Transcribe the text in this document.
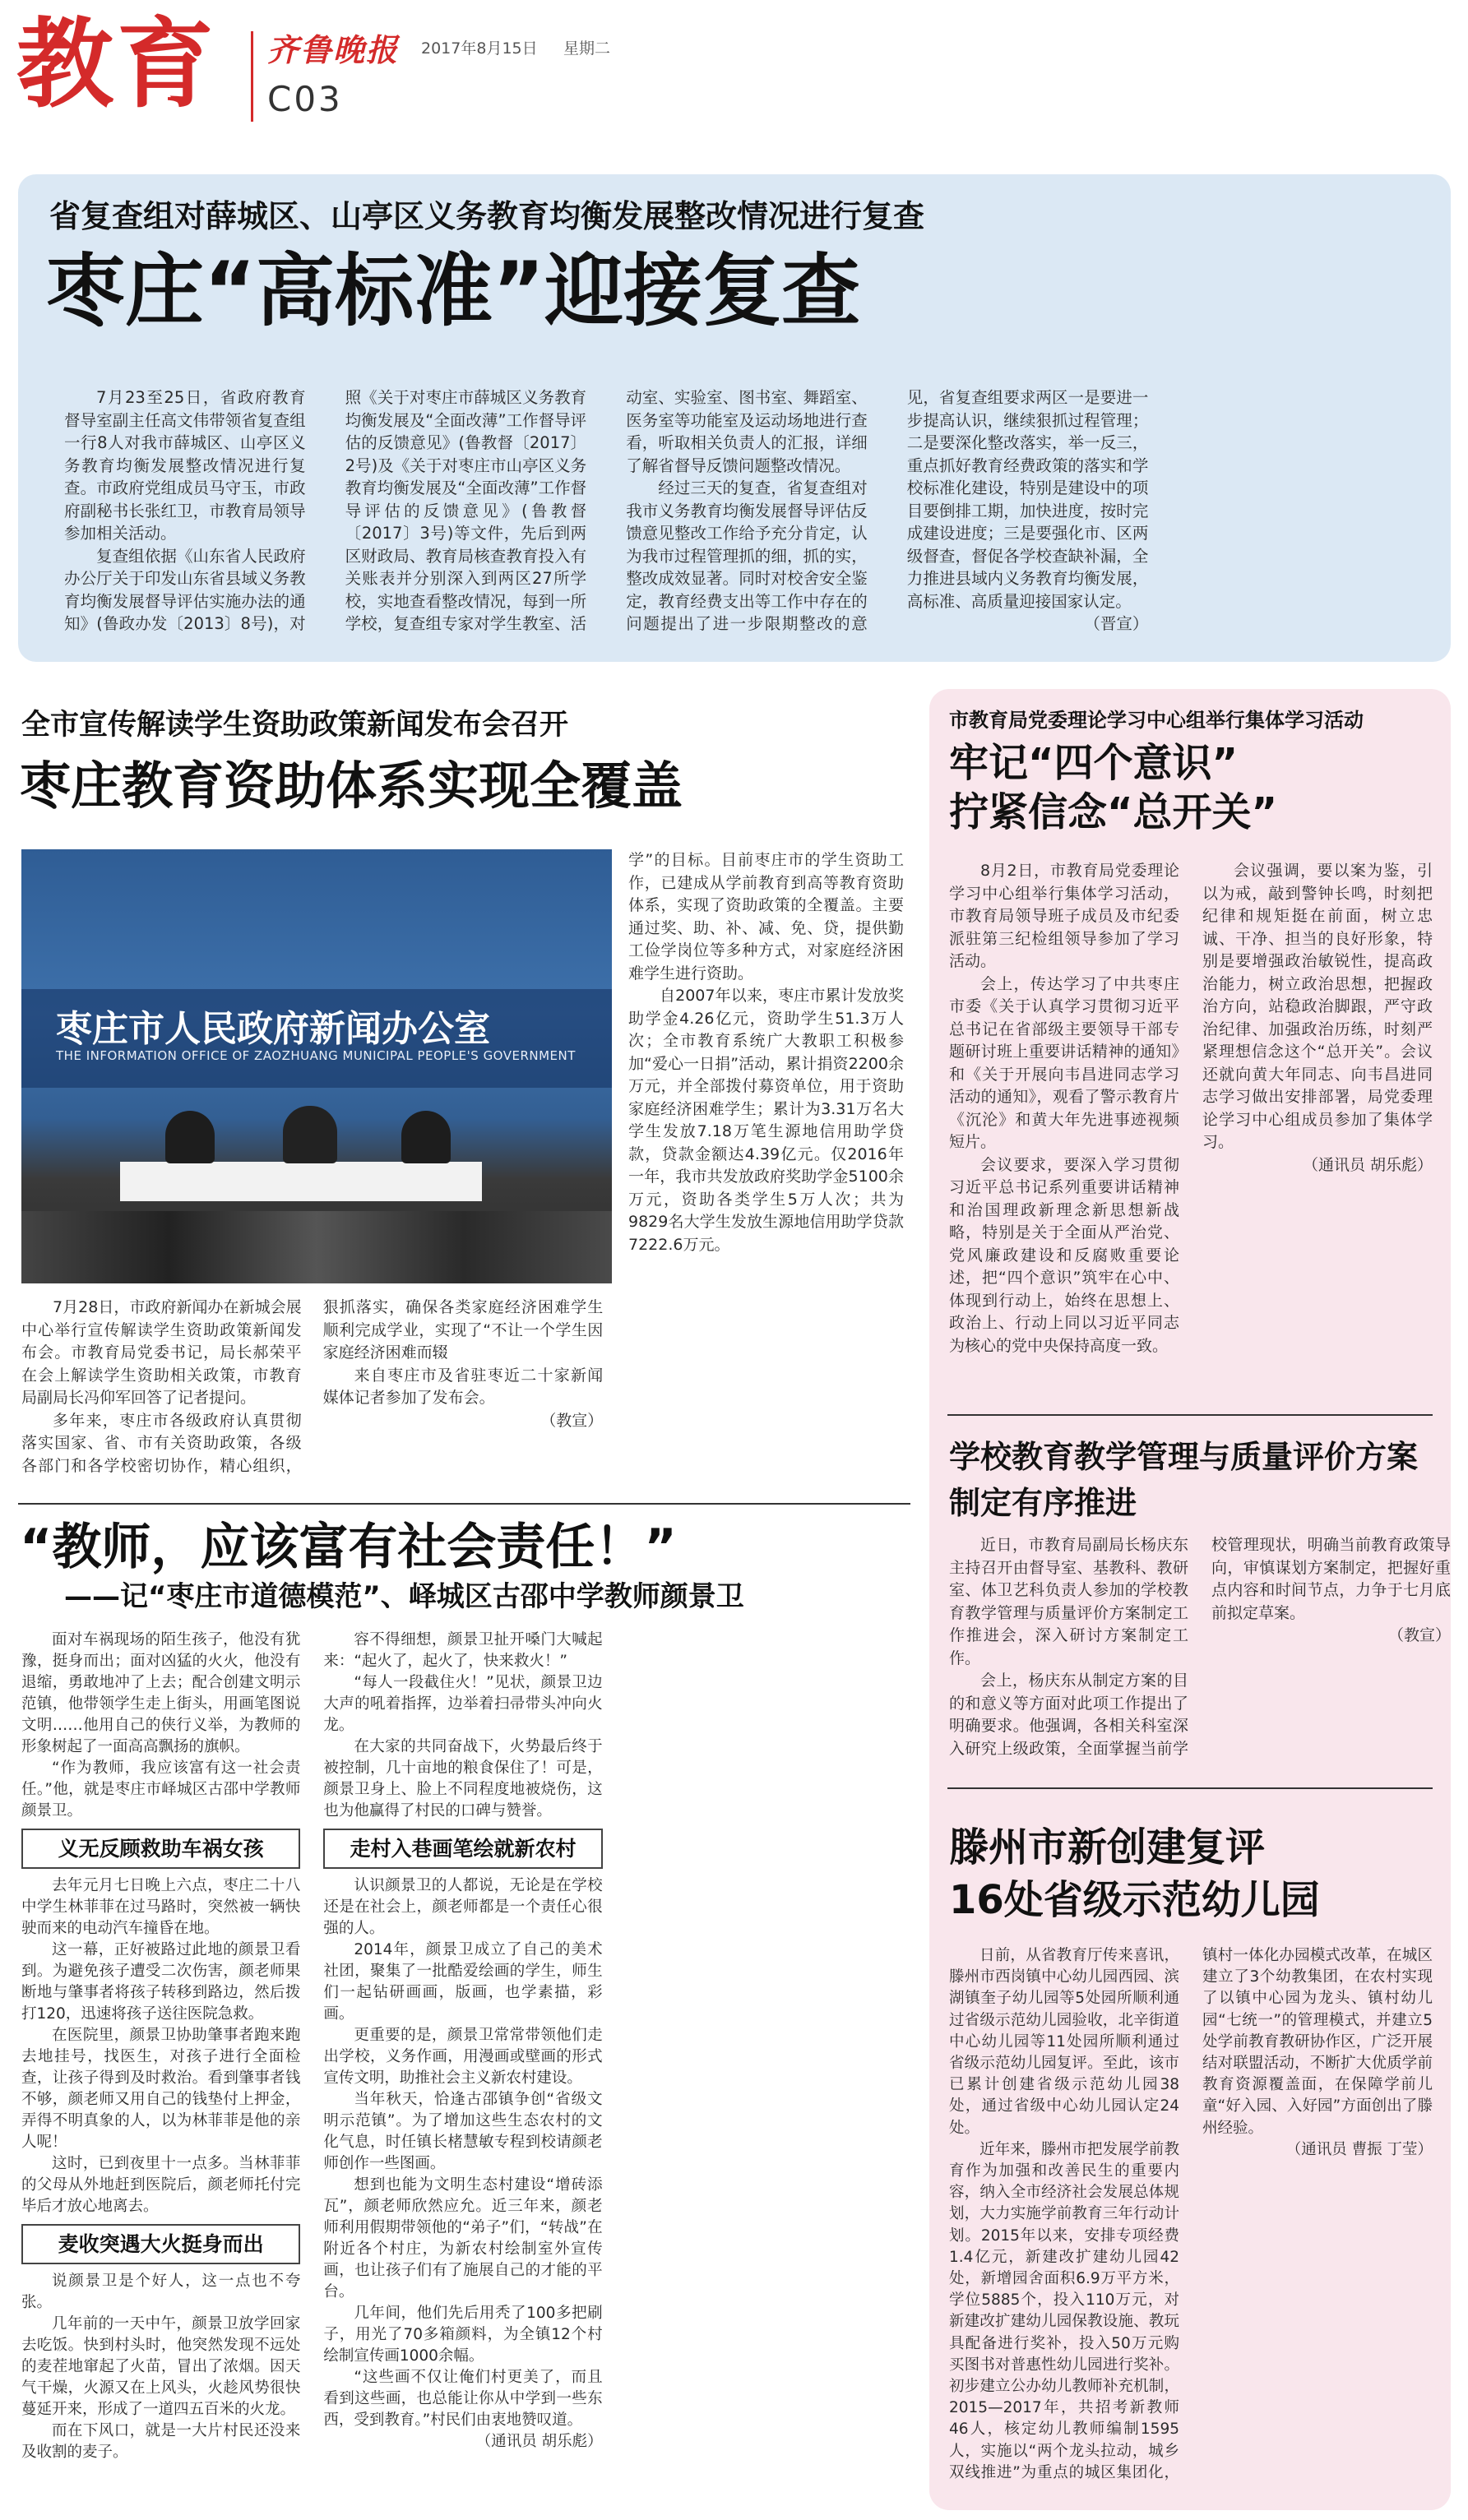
教育 齐鲁晚报 2017年8月15日 星期二
C03
省复查组对薛城区、山亭区义务教育均衡发展整改情况进行复查
枣庄“高标准”迎接复查

7月23至25日，省政府教育督导室副主任高文伟带领省复查组一行8人对我市薛城区、山亭区义务教育均衡发展整改情况进行复查。市政府党组成员马守玉，市政府副秘书长张红卫，市教育局领导参加相关活动。

复查组依据《山东省人民政府办公厅关于印发山东省县域义务教育均衡发展督导评估实施办法的通知》(鲁政办发〔2013〕8号)，对照《关于对枣庄市薛城区义务教育均衡发展及“全面改薄”工作督导评估的反馈意见》(鲁教督〔2017〕2号)及《关于对枣庄市山亭区义务教育均衡发展及“全面改薄”工作督导评估的反馈意见》(鲁教督〔2017〕3号)等文件，先后到两区财政局、教育局核查教育投入有关账表并分别深入到两区27所学校，实地查看整改情况，每到一所学校，复查组专家对学生教室、活动室、实验室、图书室、舞蹈室、医务室等功能室及运动场地进行查看，听取相关负责人的汇报，详细了解省督导反馈问题整改情况。

经过三天的复查，省复查组对我市义务教育均衡发展督导评估反馈意见整改工作给予充分肯定，认为我市过程管理抓的细，抓的实，整改成效显著。同时对校舍安全鉴定，教育经费支出等工作中存在的问题提出了进一步限期整改的意见，省复查组要求两区一是要进一步提高认识，继续狠抓过程管理；二是要深化整改落实，举一反三，重点抓好教育经费政策的落实和学校标准化建设，特别是建设中的项目要倒排工期，加快进度，按时完成建设进度；三是要强化市、区两级督查，督促各学校查缺补漏，全力推进县域内义务教育均衡发展，高标准、高质量迎接国家认定。

（晋宣）

全市宣传解读学生资助政策新闻发布会召开
枣庄教育资助体系实现全覆盖
枣庄市人民政府新闻办公室
THE INFORMATION OFFICE OF ZAOZHUANG MUNICIPAL PEOPLE'S GOVERNMENT

学”的目标。目前枣庄市的学生资助工作，已建成从学前教育到高等教育资助体系，实现了资助政策的全覆盖。主要通过奖、助、补、减、免、贷，提供勤工俭学岗位等多种方式，对家庭经济困难学生进行资助。

自2007年以来，枣庄市累计发放奖助学金4.26亿元，资助学生51.3万人次；全市教育系统广大教职工积极参加“爱心一日捐”活动，累计捐资2200余万元，并全部拨付募资单位，用于资助家庭经济困难学生；累计为3.31万名大学生发放7.18万笔生源地信用助学贷款，贷款金额达4.39亿元。仅2016年一年，我市共发放政府奖助学金5100余万元，资助各类学生5万人次；共为9829名大学生发放生源地信用助学贷款7222.6万元。

7月28日，市政府新闻办在新城会展中心举行宣传解读学生资助政策新闻发布会。市教育局党委书记，局长郝荣平在会上解读学生资助相关政策，市教育局副局长冯仰军回答了记者提问。

多年来，枣庄市各级政府认真贯彻落实国家、省、市有关资助政策，各级各部门和各学校密切协作，精心组织，狠抓落实，确保各类家庭经济困难学生顺利完成学业，实现了“不让一个学生因家庭经济困难而辍

来自枣庄市及省驻枣近二十家新闻媒体记者参加了发布会。

（教宣）

“教师，应该富有社会责任！”
——记“枣庄市道德模范”、峄城区古邵中学教师颜景卫

面对车祸现场的陌生孩子，他没有犹豫，挺身而出；面对凶猛的火火，他没有退缩，勇敢地冲了上去；配合创建文明示范镇，他带领学生走上街头，用画笔图说文明……他用自己的侠行义举，为教师的形象树起了一面高高飘扬的旗帜。

“作为教师，我应该富有这一社会责任。”他，就是枣庄市峄城区古邵中学教师颜景卫。

义无反顾救助车祸女孩

去年元月七日晚上六点，枣庄二十八中学生林菲菲在过马路时，突然被一辆快驶而来的电动汽车撞昏在地。

这一幕，正好被路过此地的颜景卫看到。为避免孩子遭受二次伤害，颜老师果断地与肇事者将孩子转移到路边，然后拨打120，迅速将孩子送往医院急救。

在医院里，颜景卫协助肇事者跑来跑去地挂号，找医生，对孩子进行全面检查，让孩子得到及时救治。看到肇事者钱不够，颜老师又用自己的钱垫付上押金，弄得不明真象的人，以为林菲菲是他的亲人呢！

这时，已到夜里十一点多。当林菲菲的父母从外地赶到医院后，颜老师托付完毕后才放心地离去。

麦收突遇大火挺身而出

说颜景卫是个好人，这一点也不夸张。

几年前的一天中午，颜景卫放学回家去吃饭。快到村头时，他突然发现不远处的麦茬地窜起了火苗，冒出了浓烟。因天气干燥，火源又在上风头，火趁风势很快蔓延开来，形成了一道四五百米的火龙。

而在下风口，就是一大片村民还没来及收割的麦子。

容不得细想，颜景卫扯开嗓门大喊起来：“起火了，起火了，快来救火！”

“每人一段截住火！”见状，颜景卫边大声的吼着指挥，边举着扫帚带头冲向火龙。

在大家的共同奋战下，火势最后终于被控制，几十亩地的粮食保住了！可是，颜景卫身上、脸上不同程度地被烧伤，这也为他赢得了村民的口碑与赞誉。

走村入巷画笔绘就新农村

认识颜景卫的人都说，无论是在学校还是在社会上，颜老师都是一个责任心很强的人。

2014年，颜景卫成立了自己的美术社团，聚集了一批酷爱绘画的学生，师生们一起钻研画画，版画，也学素描，彩画。

更重要的是，颜景卫常常带领他们走出学校，义务作画，用漫画或壁画的形式宣传文明，助推社会主义新农村建设。

当年秋天，恰逢古邵镇争创“省级文明示范镇”。为了增加这些生态农村的文化气息，时任镇长楮慧敏专程到校请颜老师创作一些图画。

想到也能为文明生态村建设“增砖添瓦”，颜老师欣然应允。近三年来，颜老师利用假期带领他的“弟子”们，“转战”在附近各个村庄，为新农村绘制室外宣传画，也让孩子们有了施展自己的才能的平台。

几年间，他们先后用秃了100多把刷子，用光了70多箱颜料，为全镇12个村绘制宣传画1000余幅。

“这些画不仅让俺们村更美了，而且看到这些画，也总能让你从中学到一些东西，受到教育。”村民们由衷地赞叹道。

（通讯员 胡乐彪）

市教育局党委理论学习中心组举行集体学习活动
牢记“四个意识”
拧紧信念“总开关”

8月2日，市教育局党委理论学习中心组举行集体学习活动，市教育局领导班子成员及市纪委派驻第三纪检组领导参加了学习活动。

会上，传达学习了中共枣庄市委《关于认真学习贯彻习近平总书记在省部级主要领导干部专题研讨班上重要讲话精神的通知》和《关于开展向韦昌进同志学习活动的通知》，观看了警示教育片《沉沦》和黄大年先进事迹视频短片。

会议要求，要深入学习贯彻习近平总书记系列重要讲话精神和治国理政新理念新思想新战略，特别是关于全面从严治党、党风廉政建设和反腐败重要论述，把“四个意识”筑牢在心中、体现到行动上，始终在思想上、政治上、行动上同以习近平同志为核心的党中央保持高度一致。

会议强调，要以案为鉴，引以为戒，敲到警钟长鸣，时刻把纪律和规矩挺在前面，树立忠诚、干净、担当的良好形象，特别是要增强政治敏锐性，提高政治能力，树立政治思想，把握政治方向，站稳政治脚跟，严守政治纪律、加强政治历练，时刻严紧理想信念这个“总开关”。会议还就向黄大年同志、向韦昌进同志学习做出安排部署，局党委理论学习中心组成员参加了集体学习。

（通讯员 胡乐彪）

学校教育教学管理与质量评价方案制定有序推进

近日，市教育局副局长杨庆东主持召开由督导室、基教科、教研室、体卫艺科负责人参加的学校教育教学管理与质量评价方案制定工作推进会，深入研讨方案制定工作。

会上，杨庆东从制定方案的目的和意义等方面对此项工作提出了明确要求。他强调，各相关科室深入研究上级政策，全面掌握当前学校管理现状，明确当前教育政策导向，审慎谋划方案制定，把握好重点内容和时间节点，力争于七月底前拟定草案。

（教宣）

滕州市新创建复评
16处省级示范幼儿园

日前，从省教育厅传来喜讯，滕州市西岗镇中心幼儿园西园、滨湖镇奎子幼儿园等5处园所顺利通过省级示范幼儿园验收，北辛街道中心幼儿园等11处园所顺利通过省级示范幼儿园复评。至此，该市已累计创建省级示范幼儿园38处，通过省级中心幼儿园认定24处。

近年来，滕州市把发展学前教育作为加强和改善民生的重要内容，纳入全市经济社会发展总体规划，大力实施学前教育三年行动计划。2015年以来，安排专项经费1.4亿元，新建改扩建幼儿园42处，新增园舍面积6.9万平方米，学位5885个，投入110万元，对新建改扩建幼儿园保教设施、教玩具配备进行奖补，投入50万元购买图书对普惠性幼儿园进行奖补。初步建立公办幼儿教师补充机制，2015—2017年，共招考新教师46人，核定幼儿教师编制1595人，实施以“两个龙头拉动，城乡双线推进”为重点的城区集团化，镇村一体化办园模式改革，在城区建立了3个幼教集团，在农村实现了以镇中心园为龙头、镇村幼儿园“七统一”的管理模式，并建立5处学前教育教研协作区，广泛开展结对联盟活动，不断扩大优质学前教育资源覆盖面，在保障学前儿童“好入园、入好园”方面创出了滕州经验。

（通讯员 曹振 丁莹）
